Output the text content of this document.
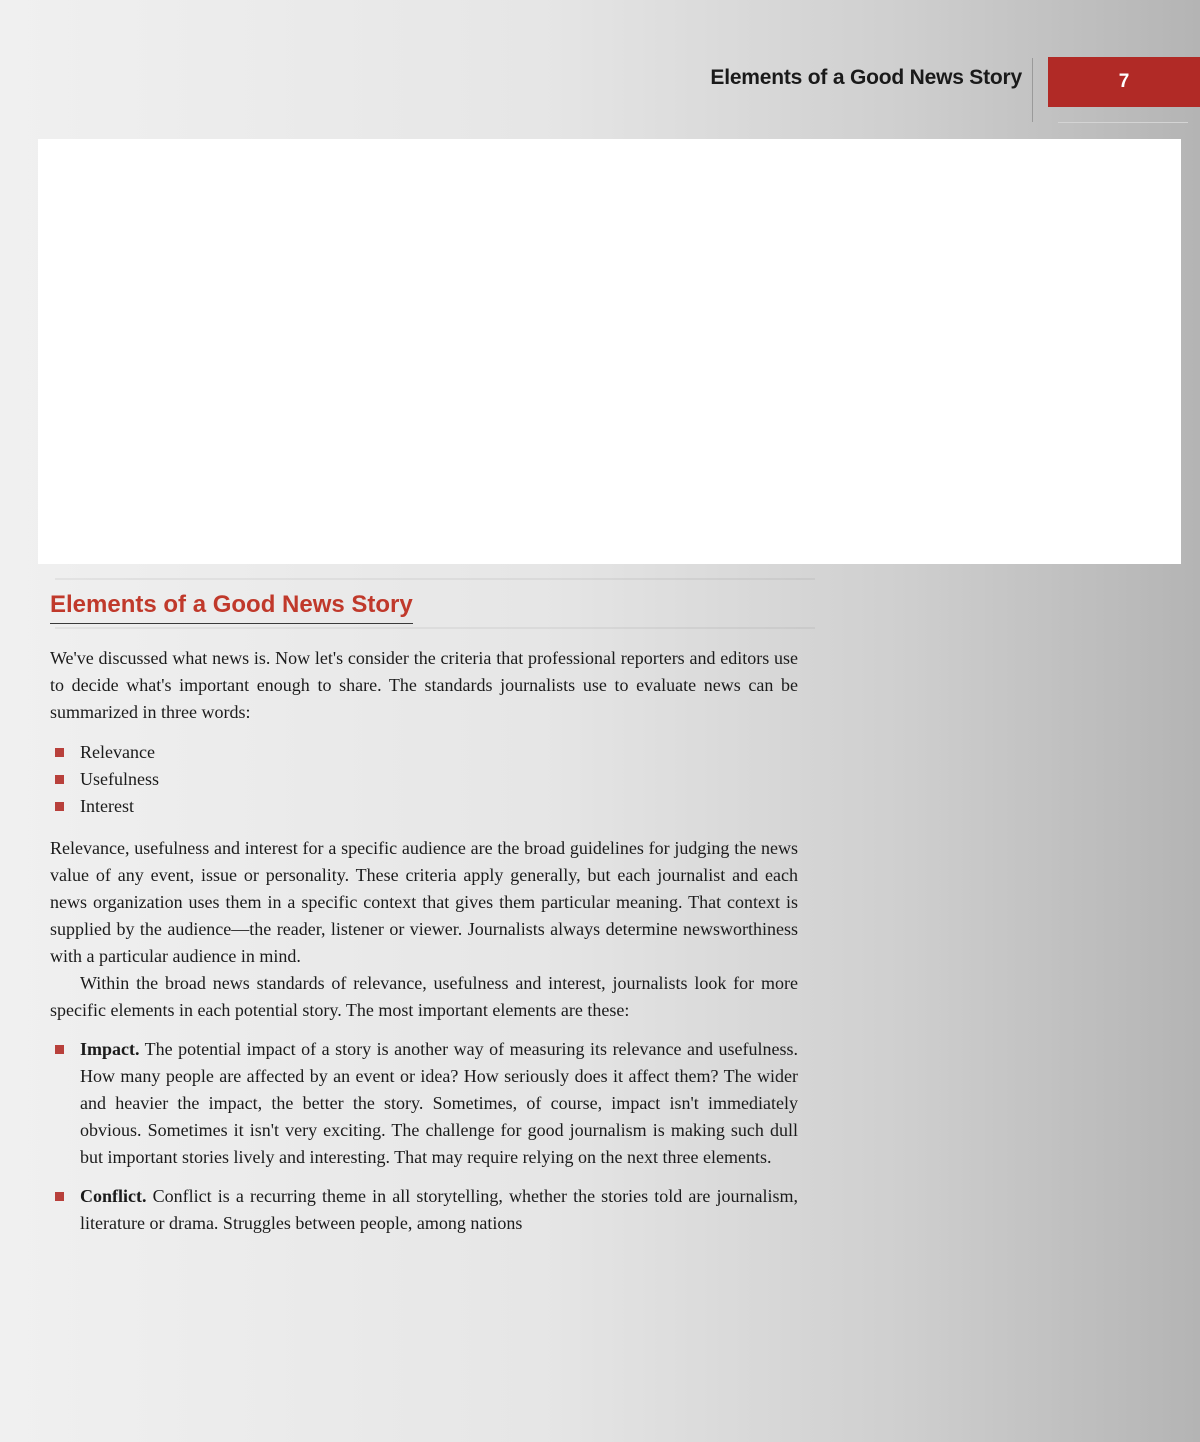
Elements of a Good News Story	7
Elements of a Good News Story

We've discussed what news is. Now let's consider the criteria that professional reporters and editors use to decide what's important enough to share. The standards journalists use to evaluate news can be summarized in three words:

Relevance
Usefulness
Interest

Relevance, usefulness and interest for a specific audience are the broad guidelines for judging the news value of any event, issue or personality. These criteria apply generally, but each journalist and each news organization uses them in a specific context that gives them particular meaning. That context is supplied by the audience—the reader, listener or viewer. Journalists always determine newsworthiness with a particular audience in mind.

Within the broad news standards of relevance, usefulness and interest, journalists look for more specific elements in each potential story. The most important elements are these:

Impact. The potential impact of a story is another way of measuring its relevance and usefulness. How many people are affected by an event or idea? How seriously does it affect them? The wider and heavier the impact, the better the story. Sometimes, of course, impact isn't immediately obvious. Sometimes it isn't very exciting. The challenge for good journalism is making such dull but important stories lively and interesting. That may require relying on the next three elements.
Conflict. Conflict is a recurring theme in all storytelling, whether the stories told are journalism, literature or drama. Struggles between people, among nations
